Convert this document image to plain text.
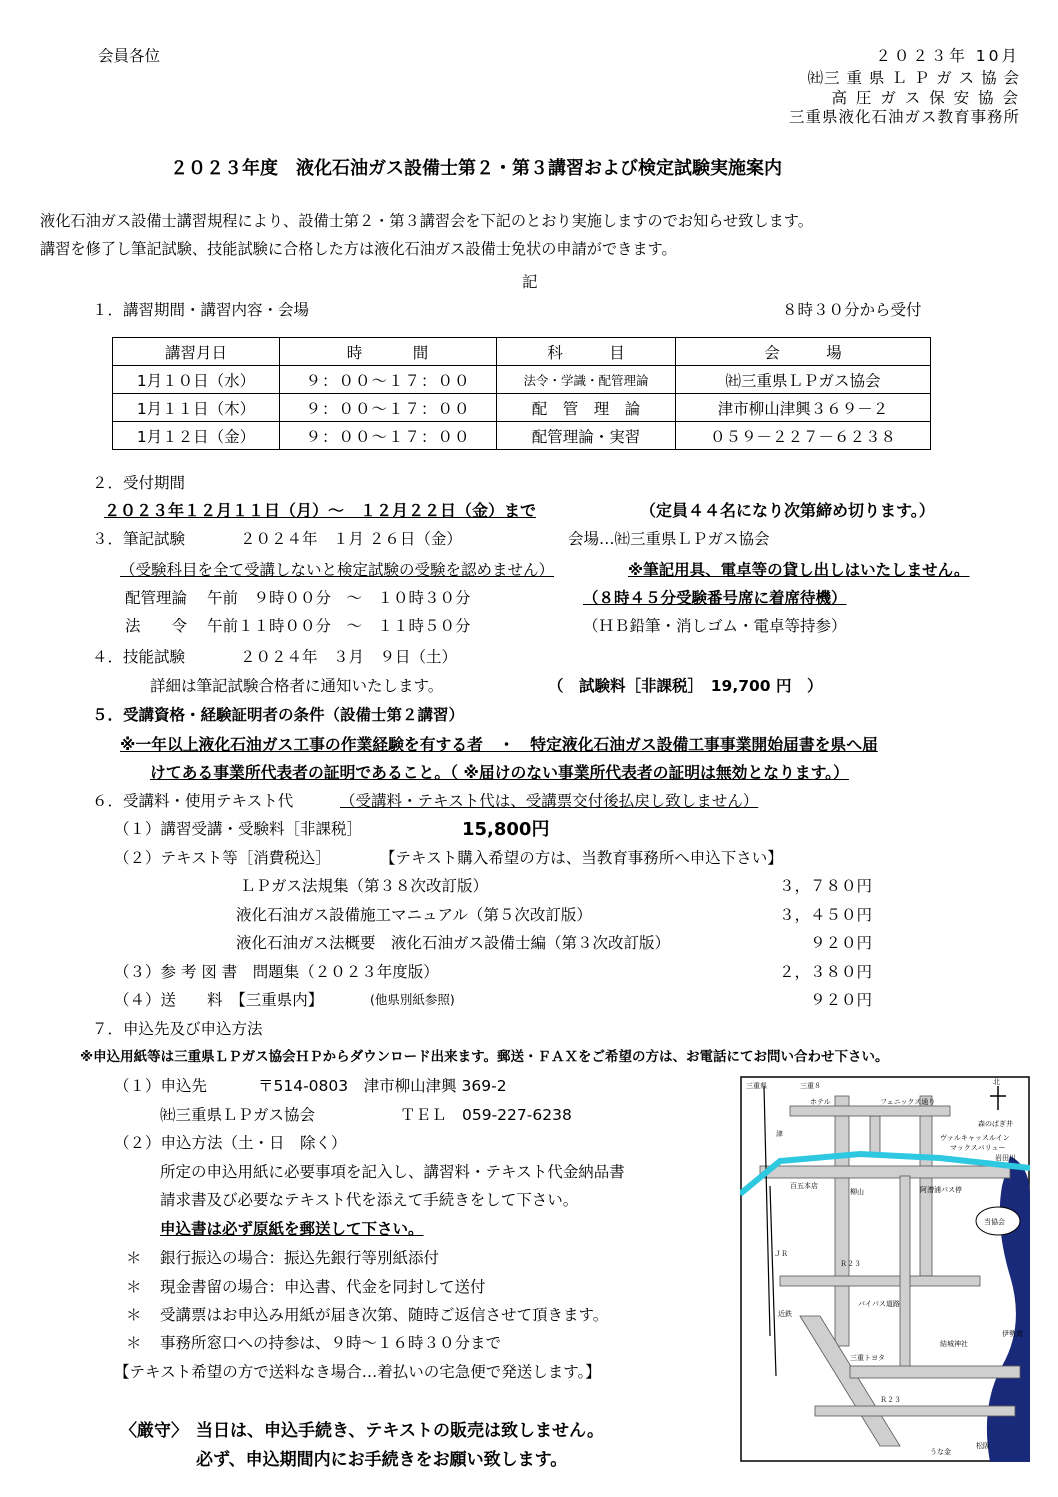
会員各位	２０２３年 10月
㈳三 重 県 Ｌ Ｐ ガ ス 協 会
高 圧 ガ ス 保 安 協 会
三重県液化石油ガス教育事務所
２０２３年度　液化石油ガス設備士第２・第３講習および検定試験実施案内
液化石油ガス設備士講習規程により、設備士第２・第３講習会を下記のとおり実施しますのでお知らせ致します。
講習を修了し筆記試験、技能試験に合格した方は液化石油ガス設備士免状の申請ができます。
記
１．講習期間・講習内容・会場	８時３０分から受付
講習月日	時　　　間	科　　　目	会　　　場
1月１０日（水）	９：００～１７：００	法令・学識・配管理論	㈳三重県ＬＰガス協会
1月１１日（木）	９：００～１７：００	配　管　理　論	津市柳山津興３６９－２
1月１２日（金）	９：００～１７：００	配管理論・実習	０５９－２２７－６２３８
２．受付期間
２０２３年１２月１１日（月）～　１２月２２日（金）まで	（定員４４名になり次第締め切ります。）
３．筆記試験	２０２４年　１月 ２６日（金）	会場…㈳三重県ＬＰガス協会
（受験科目を全て受講しないと検定試験の受験を認めません）	※筆記用具、電卓等の貸し出しはいたしません。
配管理論 午前　９時００分　～　１０時３０分	（８時４５分受験番号席に着席待機）
法　　令 午前１１時００分　～　１１時５０分	（ＨＢ鉛筆・消しゴム・電卓等持参）
４．技能試験	２０２４年　３月　９日（土）
詳細は筆記試験合格者に通知いたします。	（　試験料［非課税］　19,700 円　）
５．受講資格・経験証明者の条件（設備士第２講習）
※一年以上液化石油ガス工事の作業経験を有する者　・　特定液化石油ガス設備工事事業開始届書を県へ届
けてある事業所代表者の証明であること。（ ※届けのない事業所代表者の証明は無効となります。）
６．受講料・使用テキスト代	（受講料・テキスト代は、受講票交付後払戻し致しません）
（１）講習受講・受験料［非課税］	15,800円
（２）テキスト等［消費税込］	【テキスト購入希望の方は、当教育事務所へ申込下さい】
ＬＰガス法規集（第３８次改訂版）	３，７８０円
液化石油ガス設備施工マニュアル（第５次改訂版）	３，４５０円
液化石油ガス法概要　液化石油ガス設備士編（第３次改訂版）	９２０円
（３）参 考 図 書　問題集（２０２３年度版）	２，３８０円
（４）送　　料　【三重県内】	(他県別紙参照)	９２０円
７．申込先及び申込方法
※申込用紙等は三重県ＬＰガス協会ＨＰからダウンロード出来ます。郵送・ＦＡＸをご希望の方は、お電話にてお問い合わせ下さい。
（１）申込先	〒514-0803　津市柳山津興 369-2
㈳三重県ＬＰガス協会	ＴＥＬ　059-227-6238
（２）申込方法（土・日　除く）
所定の申込用紙に必要事項を記入し、講習料・テキスト代金納品書
請求書及び必要なテキスト代を添えて手続きをして下さい。
申込書は必ず原紙を郵送して下さい。
＊ 銀行振込の場合：振込先銀行等別紙添付
＊ 現金書留の場合：申込書、代金を同封して送付
＊ 受講票はお申込み用紙が届き次第、随時ご返信させて頂きます。
＊ 事務所窓口への持参は、９時～１６時３０分まで
【テキスト希望の方で送料なき場合…着払いの宅急便で発送します。】
〈厳守〉 当日は、申込手続き、テキストの販売は致しません。
必ず、申込期間内にお手続きをお願い致します。
三重県	三重８
ホテル	フェニックス通り
森のぱぎ井
ヴァルキャッスルイン
マックスバリュー
岩田川
百五本店
柳山	阿漕浦パス停
当協会
ＪＲ
Ｒ２３
バイパス道路
近鉄
三重トヨタ
うな金
伊勢湾
北
津
結城神社
松阪
Ｒ２３
